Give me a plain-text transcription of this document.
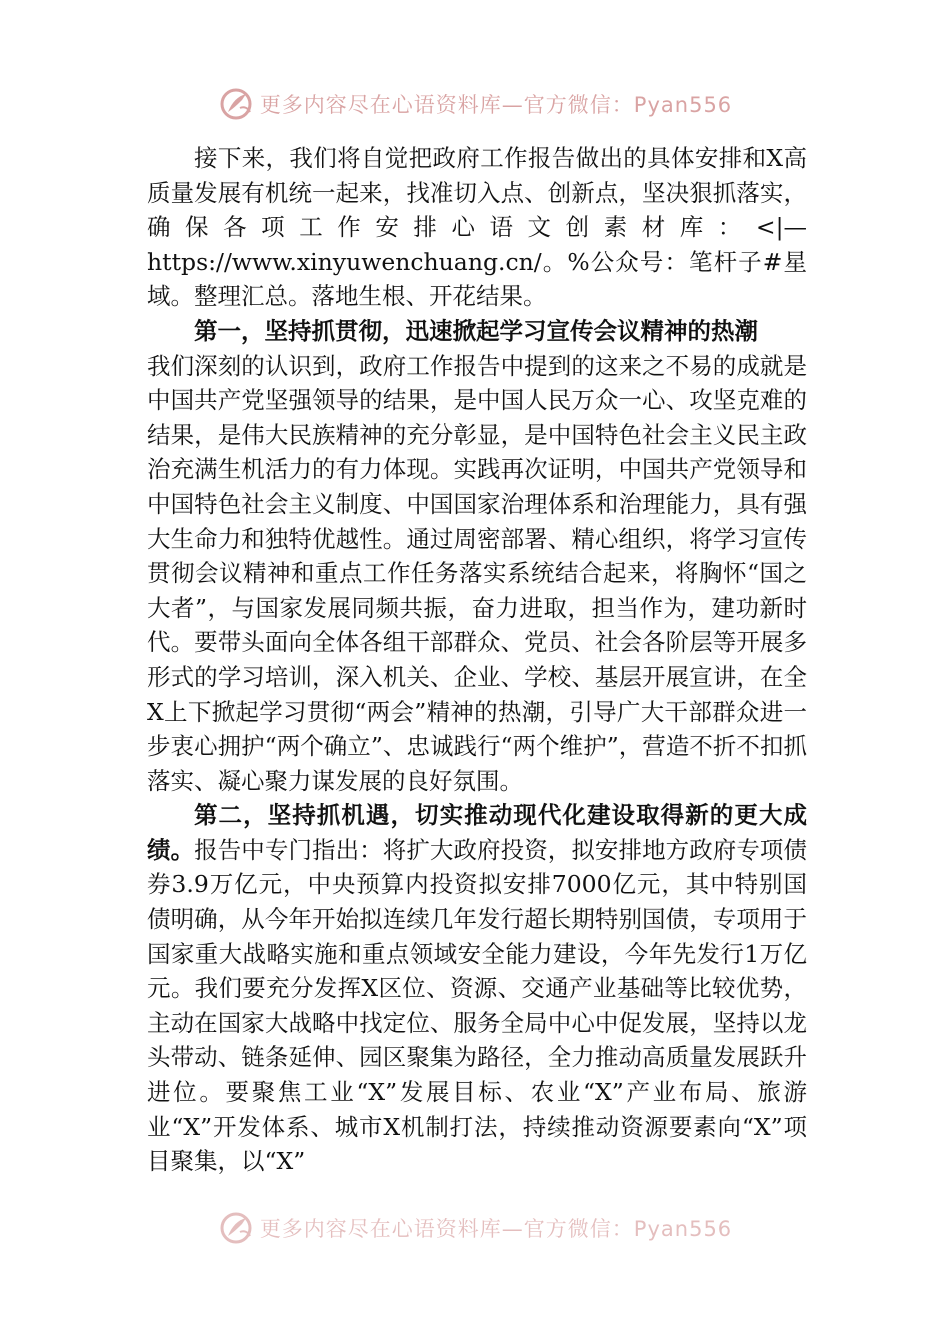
更多内容尽在心语资料库—官方微信：Pyan556

接下来，我们将自觉把政府工作报告做出的具体安排和X高质量发展有机统一起来，找准切入点、创新点，坚决狠抓落实，确保各项工作安排心语文创素材库：<|—https://www.xinyuwenchuang.cn/。%公众号：笔杆子#星域。整理汇总。落地生根、开花结果。

第一，坚持抓贯彻，迅速掀起学习宣传会议精神的热潮

我们深刻的认识到，政府工作报告中提到的这来之不易的成就是中国共产党坚强领导的结果，是中国人民万众一心、攻坚克难的结果，是伟大民族精神的充分彰显，是中国特色社会主义民主政治充满生机活力的有力体现。实践再次证明，中国共产党领导和中国特色社会主义制度、中国国家治理体系和治理能力，具有强大生命力和独特优越性。通过周密部署、精心组织，将学习宣传贯彻会议精神和重点工作任务落实系统结合起来，将胸怀“国之大者”，与国家发展同频共振，奋力进取，担当作为，建功新时代。要带头面向全体各组干部群众、党员、社会各阶层等开展多形式的学习培训，深入机关、企业、学校、基层开展宣讲，在全X上下掀起学习贯彻“两会”精神的热潮，引导广大干部群众进一步衷心拥护“两个确立”、忠诚践行“两个维护”，营造不折不扣抓落实、凝心聚力谋发展的良好氛围。

第二，坚持抓机遇，切实推动现代化建设取得新的更大成绩。报告中专门指出：将扩大政府投资，拟安排地方政府专项债券3.9万亿元，中央预算内投资拟安排7000亿元，其中特别国债明确，从今年开始拟连续几年发行超长期特别国债，专项用于国家重大战略实施和重点领域安全能力建设，今年先发行1万亿元。我们要充分发挥X区位、资源、交通产业基础等比较优势，主动在国家大战略中找定位、服务全局中心中促发展，坚持以龙头带动、链条延伸、园区聚集为路径，全力推动高质量发展跃升进位。要聚焦工业“X”发展目标、农业“X”产业布局、旅游业“X”开发体系、城市X机制打法，持续推动资源要素向“X”项目聚集，以“X”

更多内容尽在心语资料库—官方微信：Pyan556
